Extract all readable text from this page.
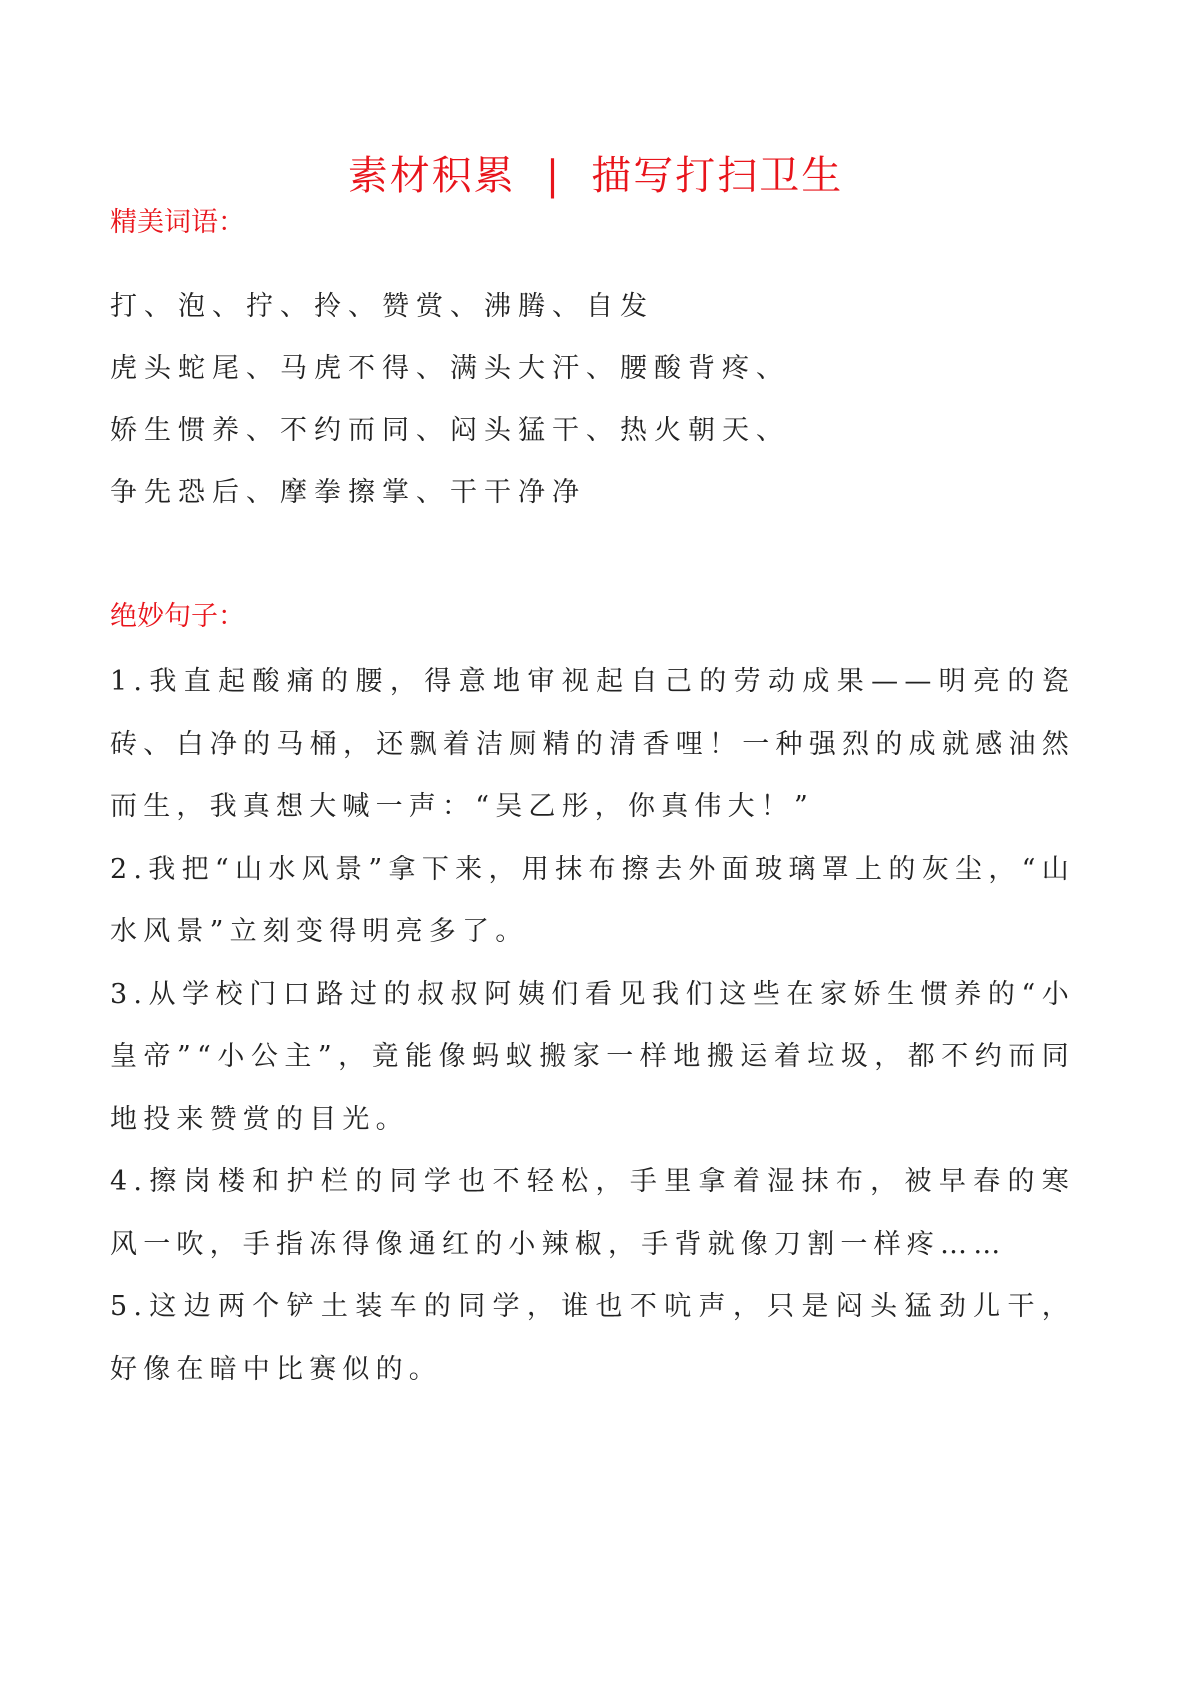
素材积累 | 描写打扫卫生
精美词语：
打、泡、拧、拎、赞赏、沸腾、自发
虎头蛇尾、马虎不得、满头大汗、腰酸背疼、
娇生惯养、不约而同、闷头猛干、热火朝天、
争先恐后、摩拳擦掌、干干净净
绝妙句子：
1.我直起酸痛的腰，得意地审视起自己的劳动成果——明亮的瓷砖、白净的马桶，还飘着洁厕精的清香哩！一种强烈的成就感油然而生，我真想大喊一声：“吴乙彤，你真伟大！”
2.我把“山水风景”拿下来，用抹布擦去外面玻璃罩上的灰尘，“山水风景”立刻变得明亮多了。
3.从学校门口路过的叔叔阿姨们看见我们这些在家娇生惯养的“小皇帝”“小公主”，竟能像蚂蚁搬家一样地搬运着垃圾，都不约而同地投来赞赏的目光。
4.擦岗楼和护栏的同学也不轻松，手里拿着湿抹布，被早春的寒风一吹，手指冻得像通红的小辣椒，手背就像刀割一样疼……
5.这边两个铲土装车的同学，谁也不吭声，只是闷头猛劲儿干，好像在暗中比赛似的。
